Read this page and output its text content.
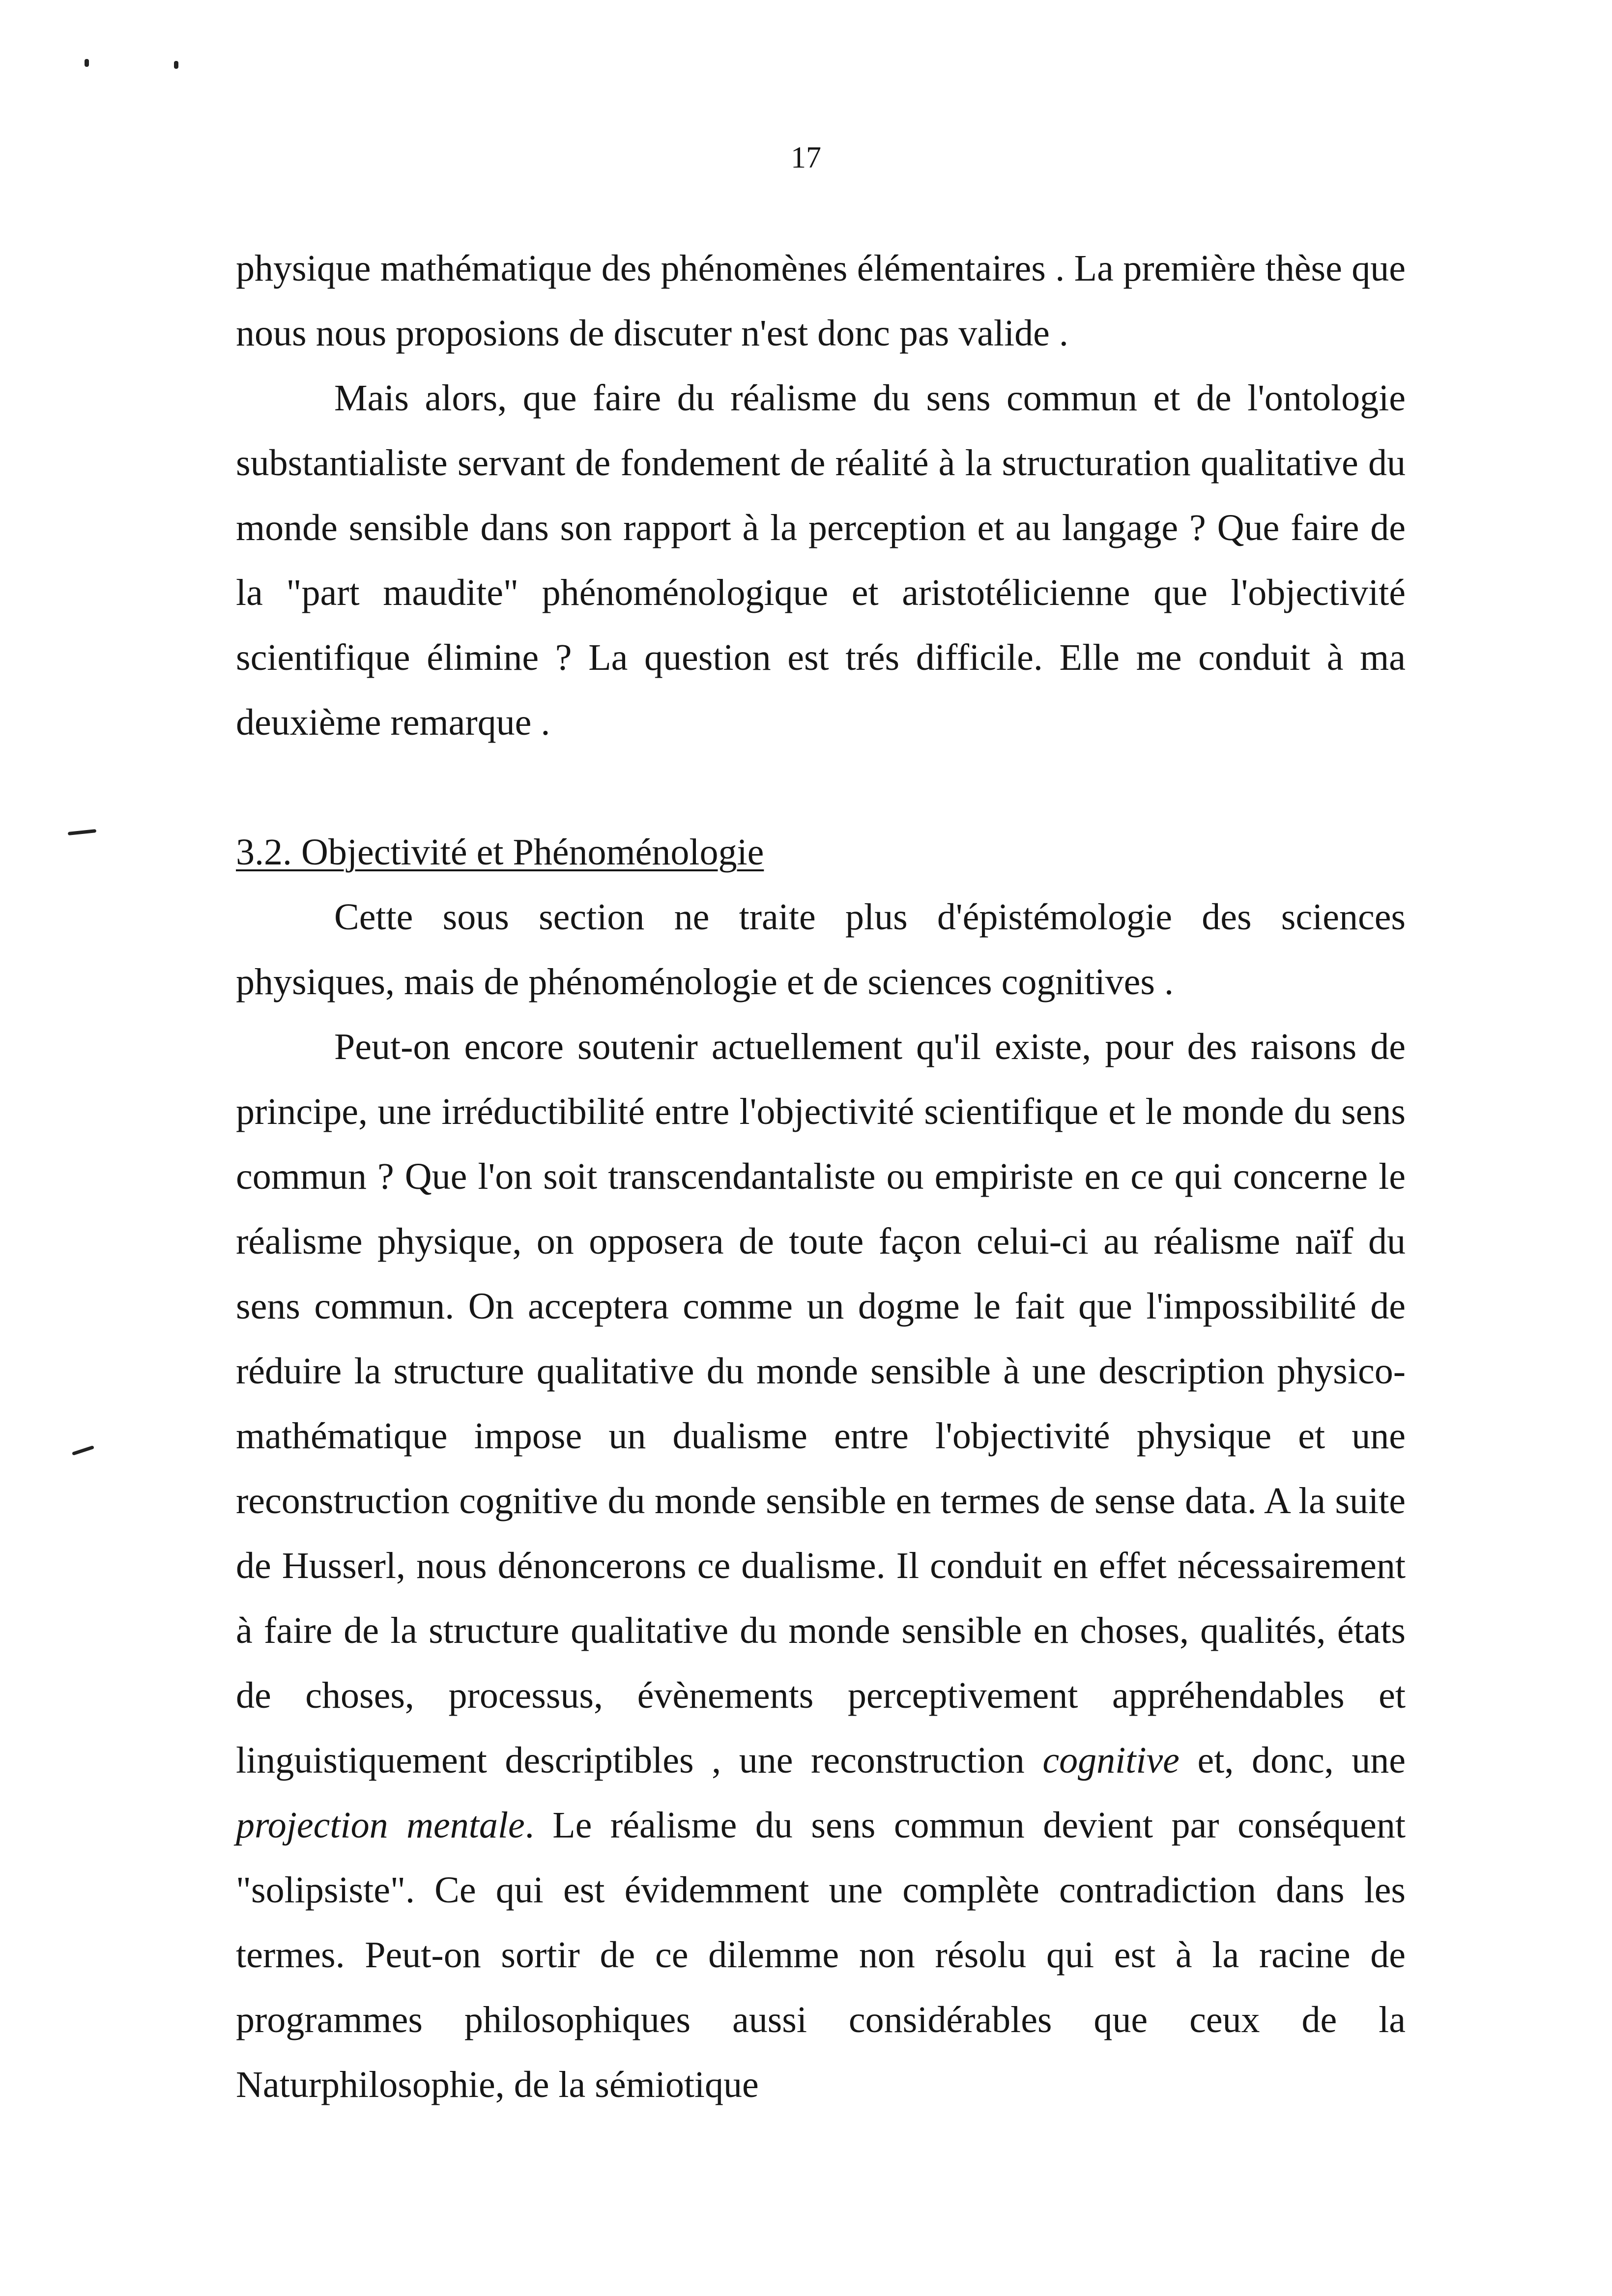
17

physique mathématique des phénomènes élémentaires . La première thèse que nous nous proposions de discuter n'est donc pas valide .

Mais alors, que faire du réalisme du sens commun et de l'ontologie substantialiste servant de fondement de réalité à la structuration qualitative du monde sensible dans son rapport à la perception et au langage ? Que faire de la "part maudite" phénoménologique et aristotélicienne que l'objectivité scientifique élimine ? La question est trés difficile. Elle me conduit à ma deuxième remarque .

3.2. Objectivité et Phénoménologie

Cette sous section ne traite plus d'épistémologie des sciences physiques, mais de phénoménologie et de sciences cognitives .

Peut-on encore soutenir actuellement qu'il existe, pour des raisons de principe, une irréductibilité entre l'objectivité scientifique et le monde du sens commun ? Que l'on soit transcendantaliste ou empiriste en ce qui concerne le réalisme physique, on opposera de toute façon celui-ci au réalisme naïf du sens commun. On acceptera comme un dogme le fait que l'impossibilité de réduire la structure qualitative du monde sensible à une description physico-mathématique impose un dualisme entre l'objectivité physique et une reconstruction cognitive du monde sensible en termes de sense data. A la suite de Husserl, nous dénoncerons ce dualisme. Il conduit en effet nécessairement à faire de la structure qualitative du monde sensible en choses, qualités, états de choses, processus, évènements perceptivement appréhendables et linguistiquement descriptibles , une reconstruction cognitive et, donc, une projection mentale. Le réalisme du sens commun devient par conséquent "solipsiste". Ce qui est évidemment une complète contradiction dans les termes. Peut-on sortir de ce dilemme non résolu qui est à la racine de programmes philosophiques aussi considérables que ceux de la Naturphilosophie, de la sémiotique
